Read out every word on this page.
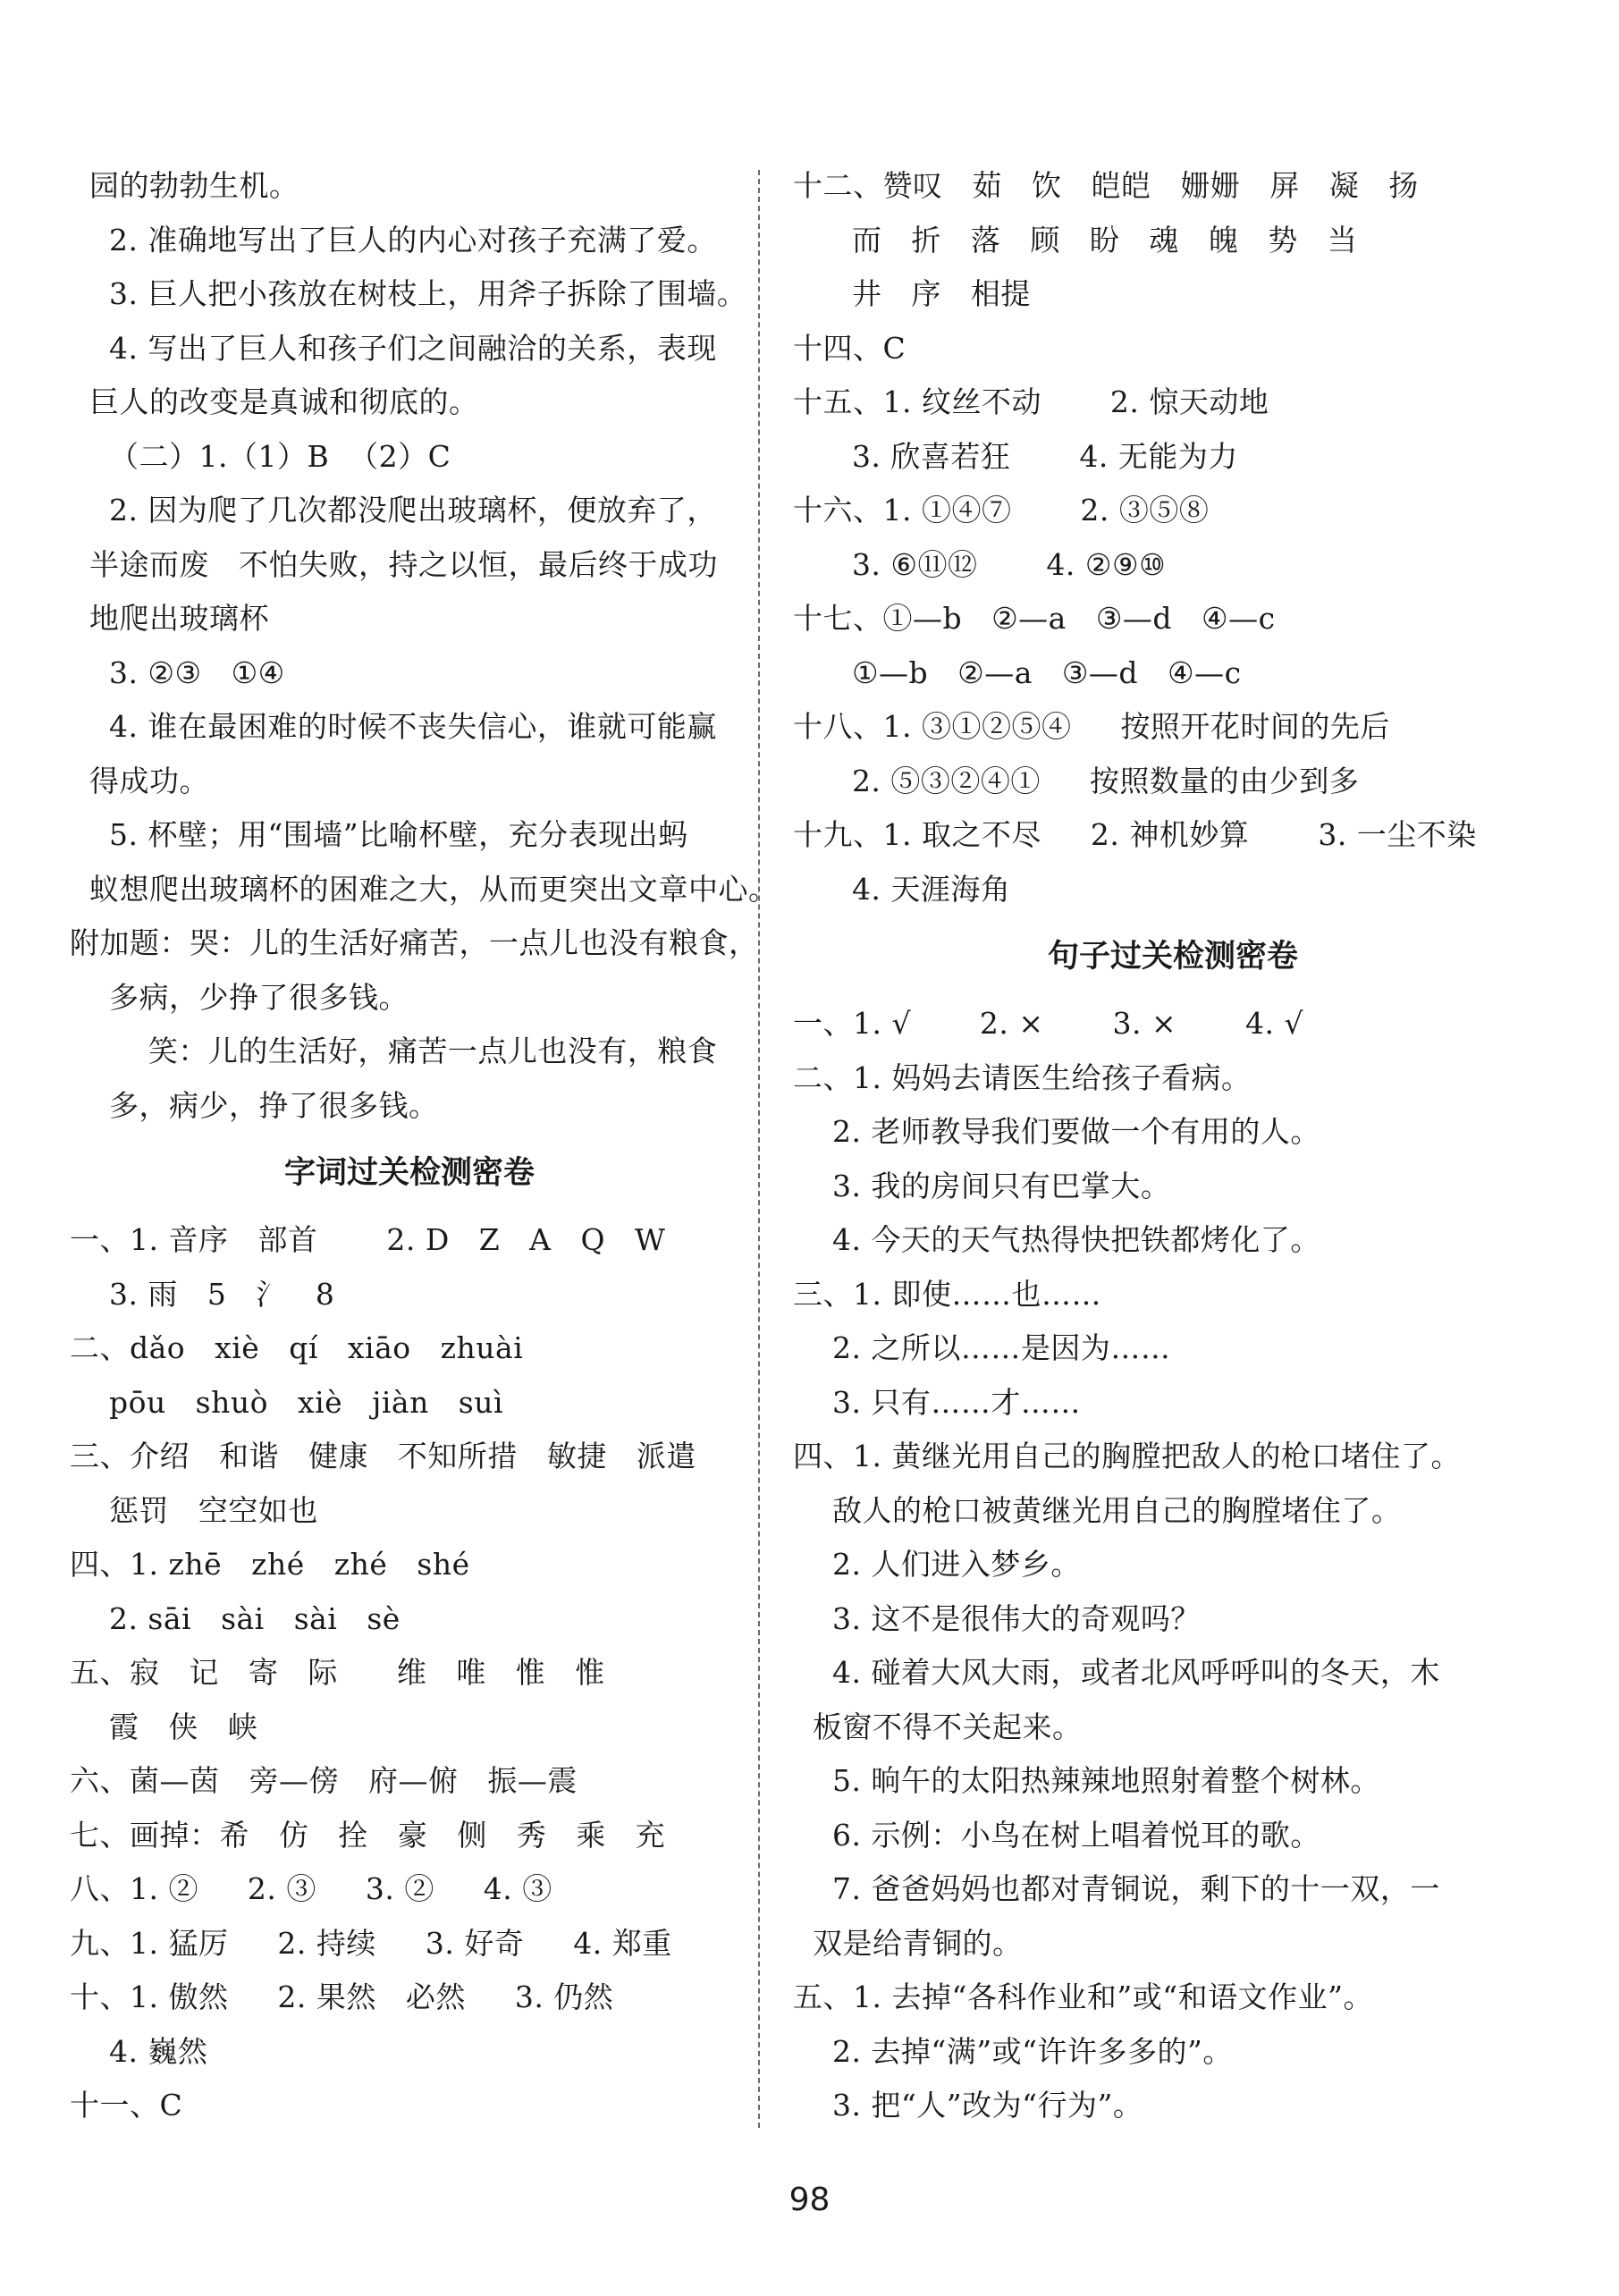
园的勃勃生机。
2. 准确地写出了巨人的内心对孩子充满了爱。
3. 巨人把小孩放在树枝上，用斧子拆除了围墙。
4. 写出了巨人和孩子们之间融洽的关系，表现
巨人的改变是真诚和彻底的。
（二）1.（1）B  （2）C
2. 因为爬了几次都没爬出玻璃杯，便放弃了，
半途而废   不怕失败，持之以恒，最后终于成功
地爬出玻璃杯
3. ②③   ①④
4. 谁在最困难的时候不丧失信心，谁就可能赢
得成功。
5. 杯壁；用“围墙”比喻杯壁，充分表现出蚂
蚁想爬出玻璃杯的困难之大，从而更突出文章中心。
附加题：哭：儿的生活好痛苦，一点儿也没有粮食，
多病，少挣了很多钱。
笑：儿的生活好，痛苦一点儿也没有，粮食
多，病少，挣了很多钱。
字词过关检测密卷
一、1. 音序   部首       2. D   Z   A   Q   W
3. 雨   5   氵   8
二、dǎo   xiè   qí   xiāo   zhuài
pōu   shuò   xiè   jiàn   suì
三、介绍   和谐   健康   不知所措   敏捷   派遣
惩罚   空空如也
四、1. zhē   zhé   zhé   shé
2. sāi   sài   sài   sè
五、寂   记   寄   际      维   唯   惟   惟
霞   侠   峡
六、菌—茵   旁—傍   府—俯   振—震
七、画掉：希   仿   拴   豪   侧   秀   乘   充
八、1. ②     2. ③     3. ②     4. ③
九、1. 猛厉     2. 持续     3. 好奇     4. 郑重
十、1. 傲然     2. 果然   必然     3. 仍然
4. 巍然
十一、C
十二、赞叹   茹   饮   皑皑   姗姗   屏   凝   扬
而   折   落   顾   盼   魂   魄   势   当
井   序   相提
十四、C
十五、1. 纹丝不动       2. 惊天动地
3. 欣喜若狂       4. 无能为力
十六、1. ①④⑦       2. ③⑤⑧
3. ⑥⑪⑫       4. ②⑨⑩
十七、①—b   ②—a   ③—d   ④—c
①—b   ②—a   ③—d   ④—c
十八、1. ③①②⑤④     按照开花时间的先后
2. ⑤③②④①     按照数量的由少到多
十九、1. 取之不尽     2. 神机妙算       3. 一尘不染
4. 天涯海角
句子过关检测密卷
一、1. √       2. ×       3. ×       4. √
二、1. 妈妈去请医生给孩子看病。
2. 老师教导我们要做一个有用的人。
3. 我的房间只有巴掌大。
4. 今天的天气热得快把铁都烤化了。
三、1. 即使……也……
2. 之所以……是因为……
3. 只有……才……
四、1. 黄继光用自己的胸膛把敌人的枪口堵住了。
敌人的枪口被黄继光用自己的胸膛堵住了。
2. 人们进入梦乡。
3. 这不是很伟大的奇观吗？
4. 碰着大风大雨，或者北风呼呼叫的冬天，木
板窗不得不关起来。
5. 晌午的太阳热辣辣地照射着整个树林。
6. 示例：小鸟在树上唱着悦耳的歌。
7. 爸爸妈妈也都对青铜说，剩下的十一双，一
双是给青铜的。
五、1. 去掉“各科作业和”或“和语文作业”。
2. 去掉“满”或“许许多多的”。
3. 把“人”改为“行为”。
98
